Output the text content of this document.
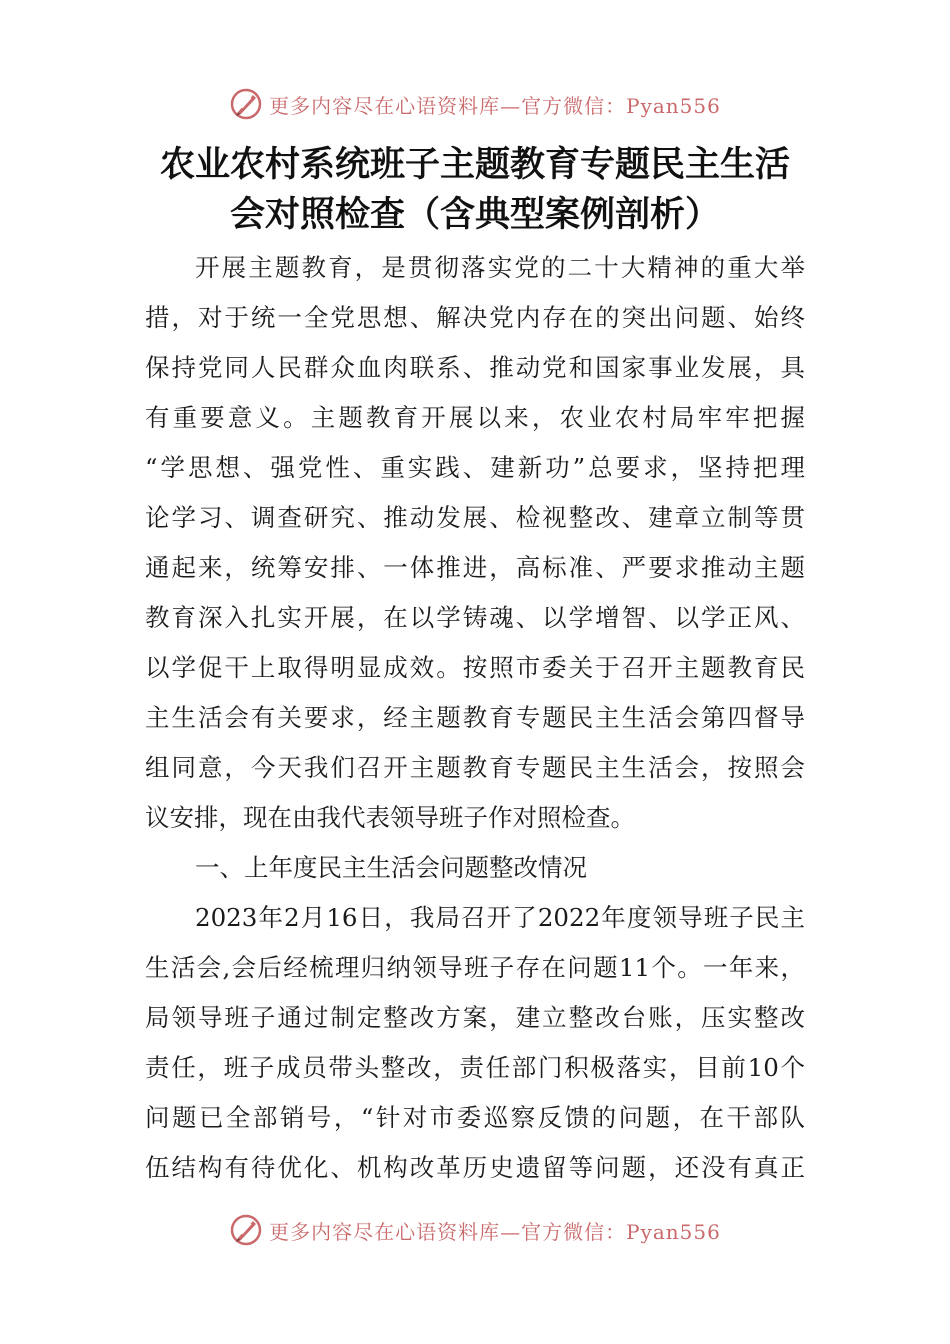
更多内容尽在心语资料库—官方微信：Pyan556
农业农村系统班子主题教育专题民主生活
会对照检查（含典型案例剖析）
开展主题教育，是贯彻落实党的二十大精神的重大举
措，对于统一全党思想、解决党内存在的突出问题、始终
保持党同人民群众血肉联系、推动党和国家事业发展，具
有重要意义。主题教育开展以来，农业农村局牢牢把握
“学思想、强党性、重实践、建新功”总要求，坚持把理
论学习、调查研究、推动发展、检视整改、建章立制等贯
通起来，统筹安排、一体推进，高标准、严要求推动主题
教育深入扎实开展，在以学铸魂、以学增智、以学正风、
以学促干上取得明显成效。按照市委关于召开主题教育民
主生活会有关要求，经主题教育专题民主生活会第四督导
组同意，今天我们召开主题教育专题民主生活会，按照会
议安排，现在由我代表领导班子作对照检查。
一、上年度民主生活会问题整改情况
2023年2月16日，我局召开了2022年度领导班子民主
生活会,会后经梳理归纳领导班子存在问题11个。一年来，
局领导班子通过制定整改方案，建立整改台账，压实整改
责任，班子成员带头整改，责任部门积极落实，目前10个
问题已全部销号，“针对市委巡察反馈的问题，在干部队
伍结构有待优化、机构改革历史遗留等问题，还没有真正
更多内容尽在心语资料库—官方微信：Pyan556
